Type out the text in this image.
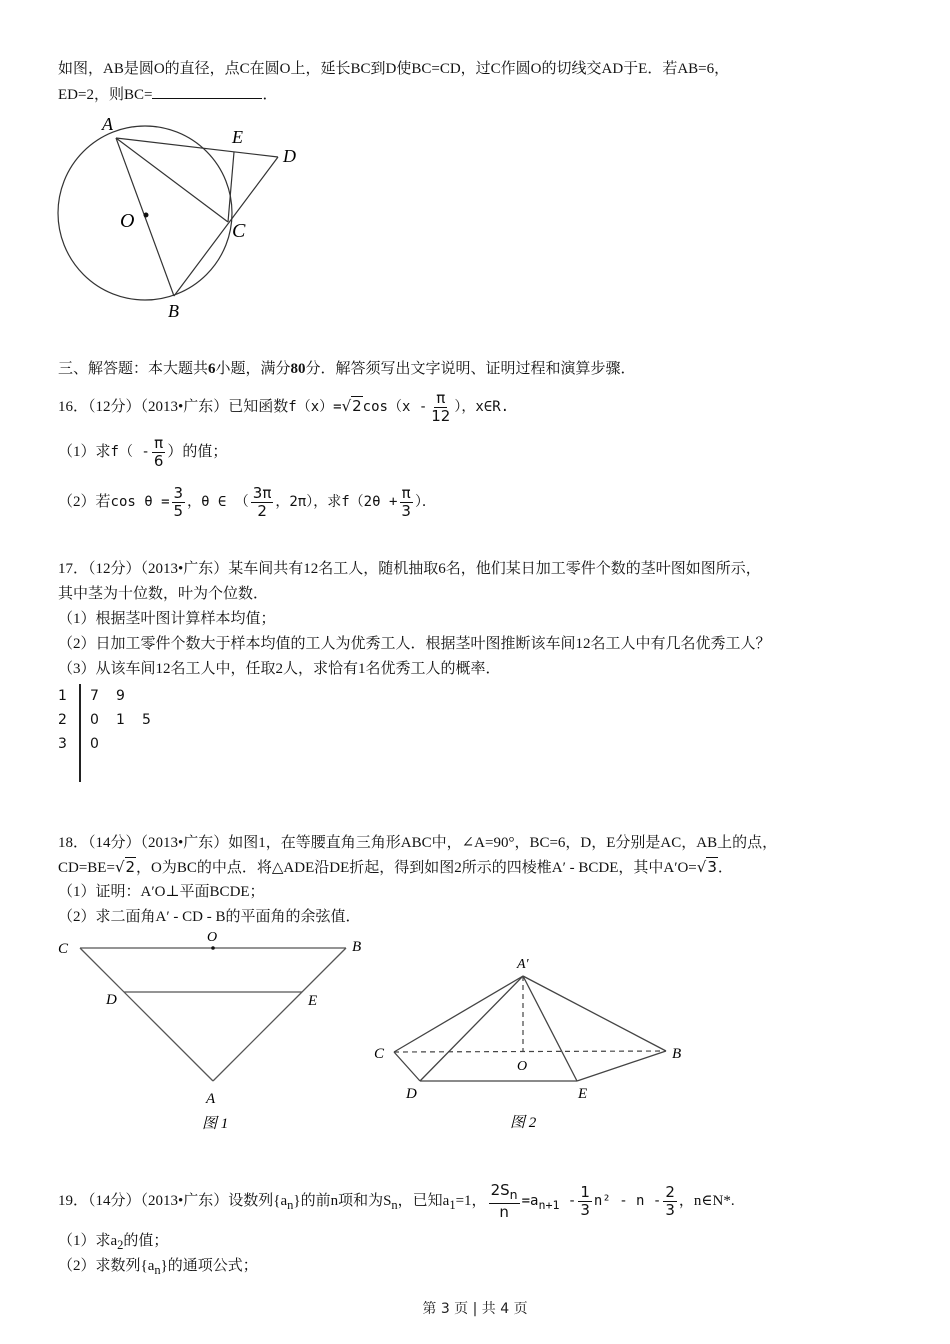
如图，AB是圆O的直径，点C在圆O上，延长BC到D使BC=CD，过C作圆O的切线交AD于E．若AB=6，
ED=2，则BC=	．
A
E
D
O	C
B
三、解答题：本大题共6小题，满分80分．解答须写出文字说明、证明过程和演算步骤．
16．（12分）（2013•广东）已知函数$f(x)=√2\cos(x - \frac{\pi}{12}$ ），x∈R.
（1）求$f( - \frac{\pi}{6}$ ）的值；
（2）若$\cos \theta = \frac{3}{5}$ ，θ ∈ （ $\frac{3\pi}{2}$ ，2π），求$f(2\theta + \frac{\pi}{3}$ ）．
17．（12分）（2013•广东）某车间共有12名工人，随机抽取6名，他们某日加工零件个数的茎叶图如图所示，
其中茎为十位数，叶为个位数．
（1）根据茎叶图计算样本均值；
（2）日加工零件个数大于样本均值的工人为优秀工人．根据茎叶图推断该车间12名工人中有几名优秀工人？
（3）从该车间12名工人中，任取2人，求恰有1名优秀工人的概率．
1 7 9
2 0 1 5
3 0
18．（14分）（2013•广东）如图1，在等腰直角三角形ABC中，∠A=90°，BC=6，D，E分别是AC，AB上的点，
CD=BE=√2，O为BC的中点．将△ADE沿DE折起，得到如图2所示的四棱椎A′ - BCDE，其中A′O=√3．
（1）证明：A′O⊥平面BCDE；
（2）求二面角A′ - CD - B的平面角的余弦值．
C
O
B
D	E
A
图 1
A′
C
O
B
D	E
图 2
19．（14分）（2013•广东）设数列$\{a_n\}$的前n项和为$S_n$，已知$a_1=1$， $\frac{2S_n}{n} =a_{n+1} - \frac{1}{3} n^2 - n - \frac{2}{3}$ ，n∈N*.
（1）求$a_2$的值；
（2）求数列$\{a_n\}$的通项公式；
第 3 页 | 共 4 页
